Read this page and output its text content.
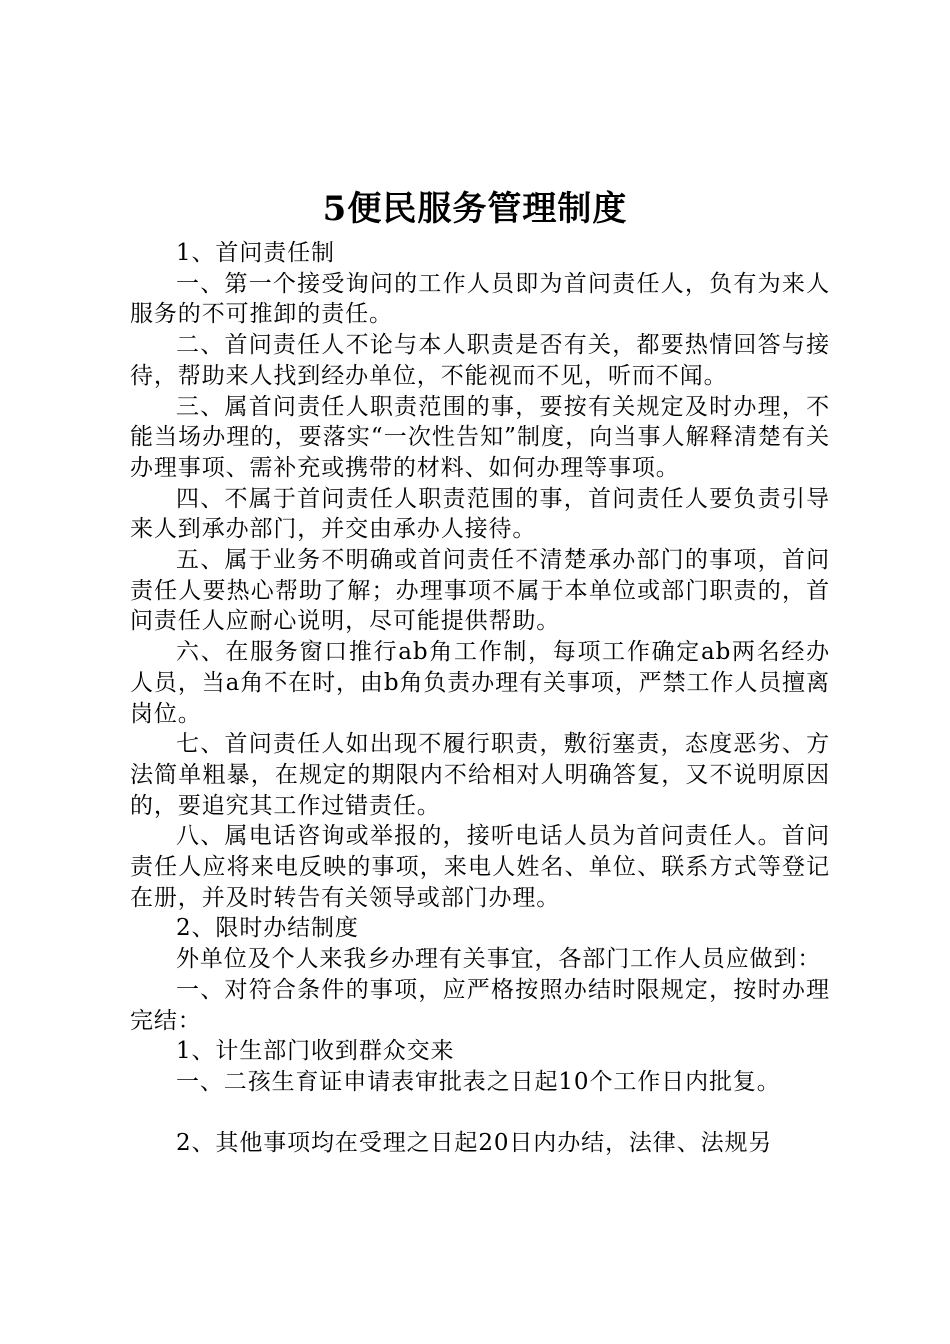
5便民服务管理制度

1、首问责任制

一、第一个接受询问的工作人员即为首问责任人，负有为来人服务的不可推卸的责任。

二、首问责任人不论与本人职责是否有关，都要热情回答与接待，帮助来人找到经办单位，不能视而不见，听而不闻。

三、属首问责任人职责范围的事，要按有关规定及时办理，不能当场办理的，要落实“一次性告知”制度，向当事人解释清楚有关办理事项、需补充或携带的材料、如何办理等事项。

四、不属于首问责任人职责范围的事，首问责任人要负责引导来人到承办部门，并交由承办人接待。

五、属于业务不明确或首问责任不清楚承办部门的事项，首问责任人要热心帮助了解；办理事项不属于本单位或部门职责的，首问责任人应耐心说明，尽可能提供帮助。

六、在服务窗口推行ab角工作制，每项工作确定ab两名经办人员，当a角不在时，由b角负责办理有关事项，严禁工作人员擅离岗位。

七、首问责任人如出现不履行职责，敷衍塞责，态度恶劣、方法简单粗暴，在规定的期限内不给相对人明确答复，又不说明原因的，要追究其工作过错责任。

八、属电话咨询或举报的，接听电话人员为首问责任人。首问责任人应将来电反映的事项，来电人姓名、单位、联系方式等登记在册，并及时转告有关领导或部门办理。

2、限时办结制度

外单位及个人来我乡办理有关事宜，各部门工作人员应做到：

一、对符合条件的事项，应严格按照办结时限规定，按时办理完结：

1、计生部门收到群众交来

一、二孩生育证申请表审批表之日起10个工作日内批复。

2、其他事项均在受理之日起20日内办结，法律、法规另
